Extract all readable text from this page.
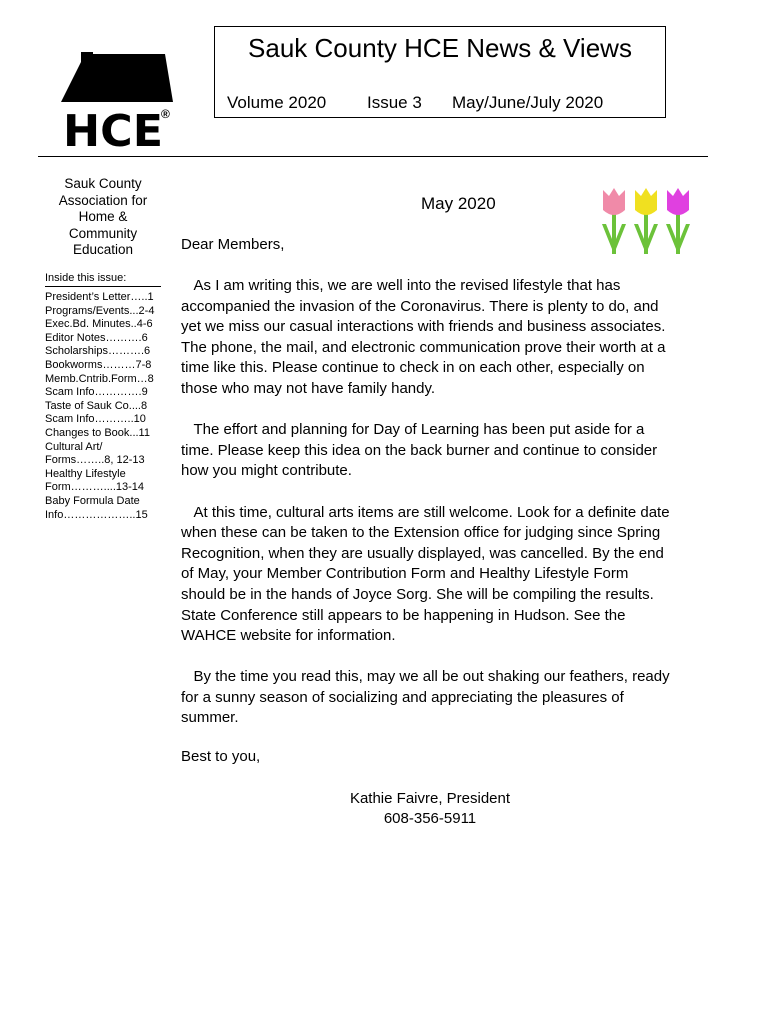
HCE
®
Sauk County HCE News & Views
Volume 2020 Issue 3 May/June/July 2020
Sauk County
Association for
Home &
Community
Education
Inside this issue:
President’s Letter…..1
Programs/Events...2-4
Exec.Bd. Minutes..4-6
Editor Notes……….6
Scholarships……….6
Bookworms………7-8
Memb.Cntrib.Form…8
Scam Info………….9
Taste of Sauk Co....8
Scam Info………..10
Changes to Book...11
Cultural Art/
Forms……..8, 12-13
Healthy Lifestyle
Form………....13-14
Baby Formula Date
Info………………..15
May 2020
Dear Members,

As I am writing this, we are well into the revised lifestyle that has accompanied the invasion of the Coronavirus. There is plenty to do, and yet we miss our casual interactions with friends and business associates. The phone, the mail, and electronic communication prove their worth at a time like this. Please continue to check in on each other, especially on those who may not have family handy.

The effort and planning for Day of Learning has been put aside for a time. Please keep this idea on the back burner and continue to consider how you might contribute.

At this time, cultural arts items are still welcome. Look for a definite date when these can be taken to the Extension office for judging since Spring Recognition, when they are usually displayed, was cancelled. By the end of May, your Member Contribution Form and Healthy Lifestyle Form should be in the hands of Joyce Sorg. She will be compiling the results. State Conference still appears to be happening in Hudson. See the WAHCE website for information.

By the time you read this, may we all be out shaking our feathers, ready for a sunny season of socializing and appreciating the pleasures of summer.

Best to you,
Kathie Faivre, President
608-356-5911
